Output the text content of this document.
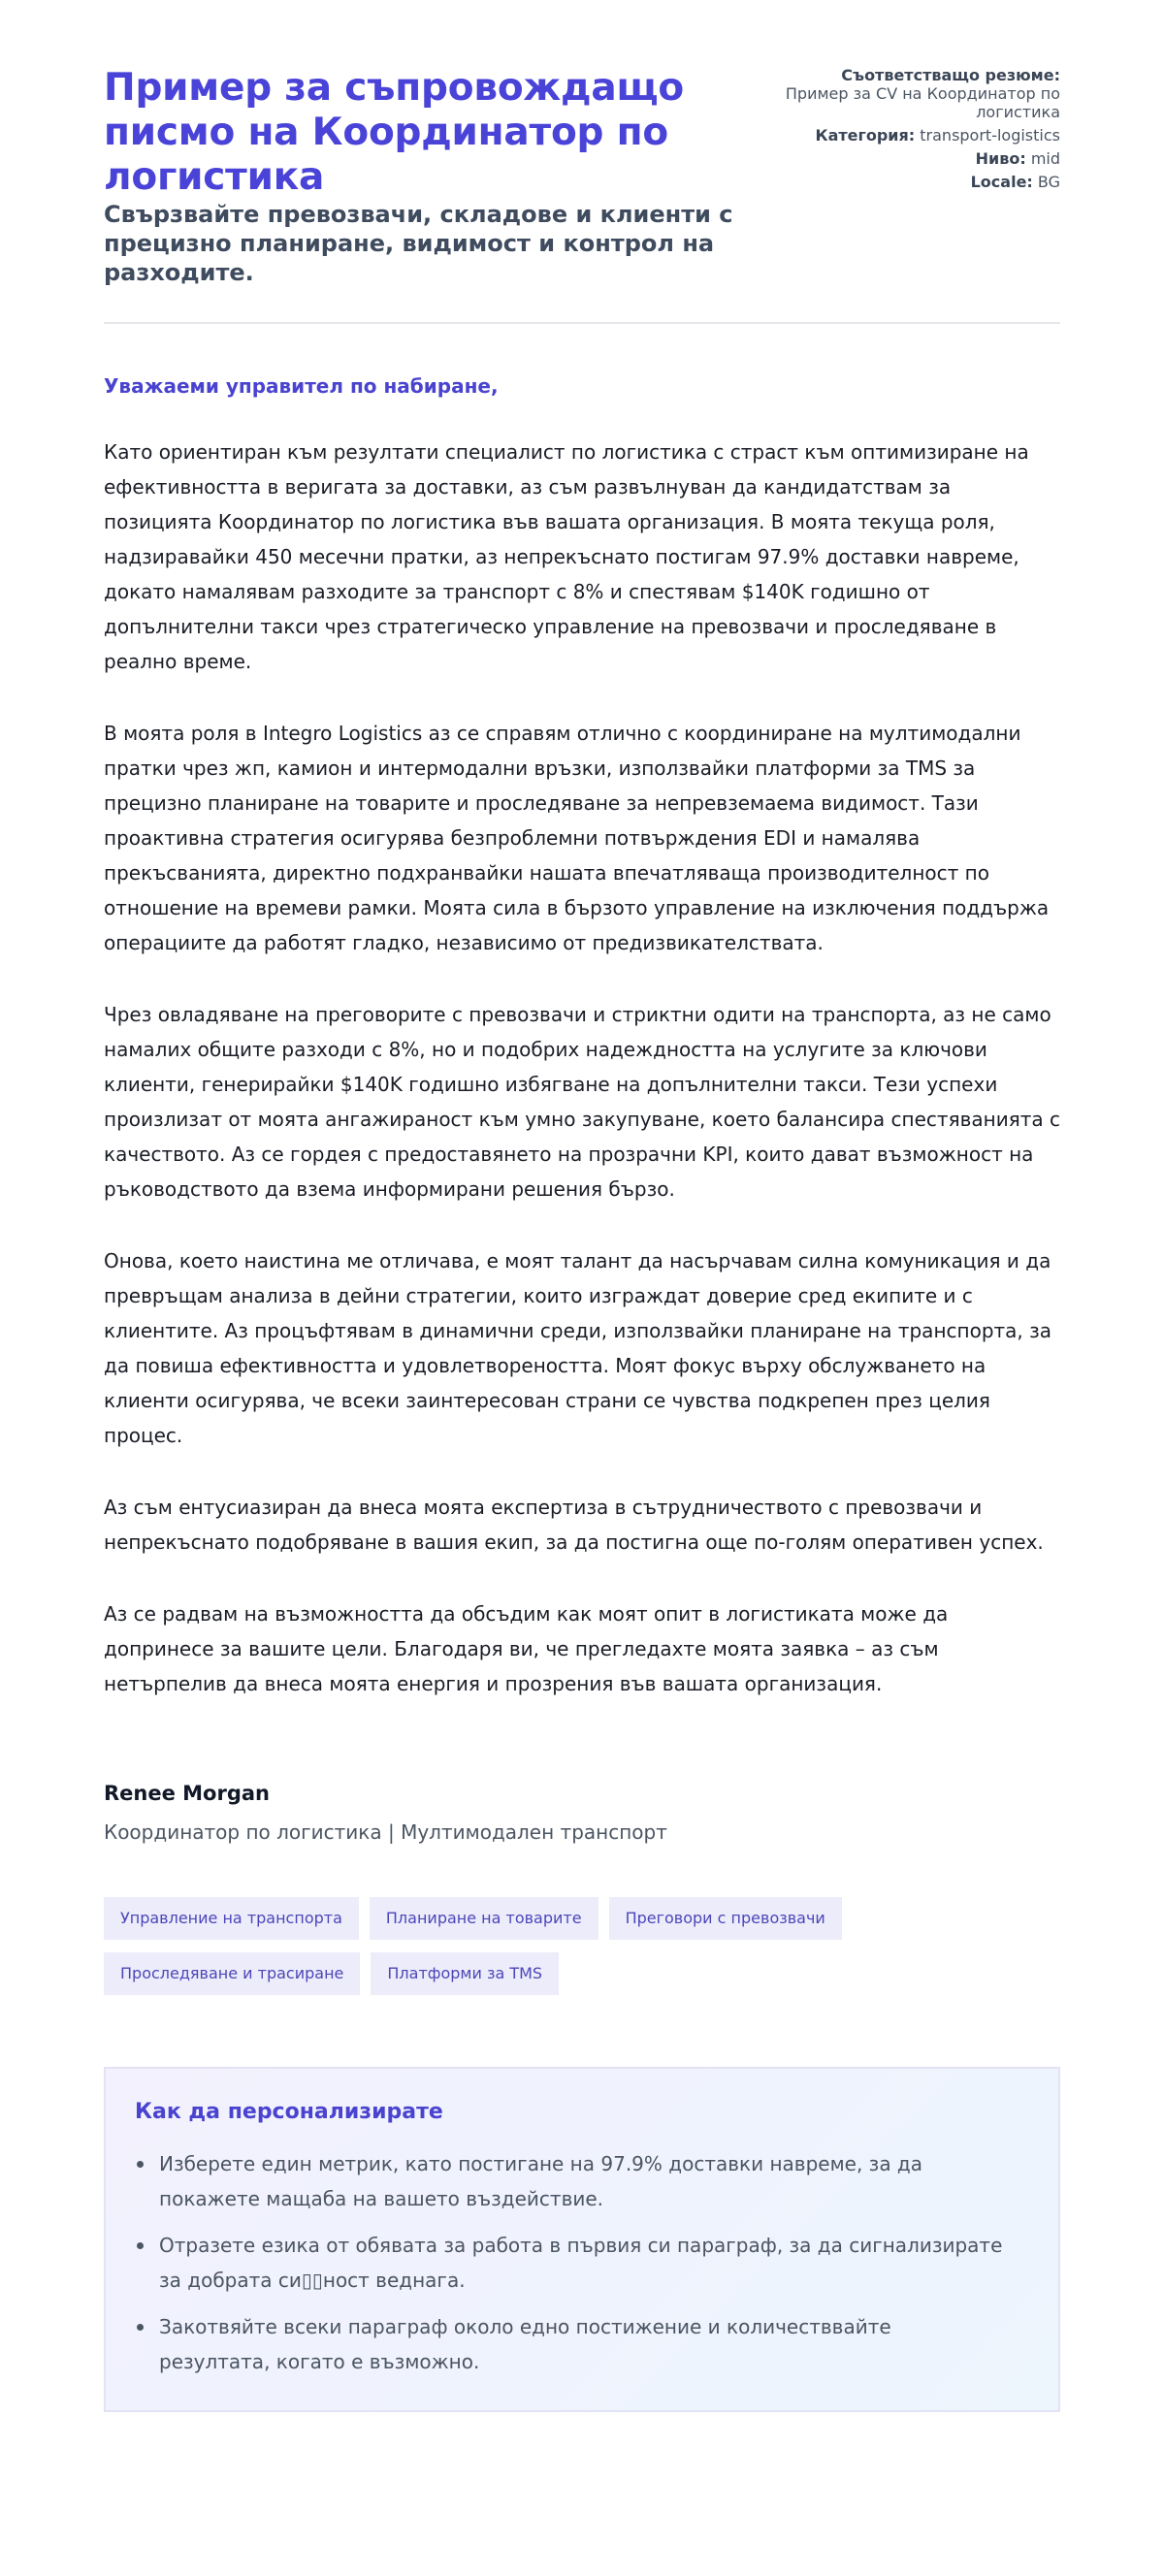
Пример за съпровождащо писмо на Координатор по логистика
Свързвайте превозвачи, складове и клиенти с прецизно планиране, видимост и контрол на разходите.
Съответстващо резюме:
Пример за CV на Координатор по логистика
Категория: transport-logistics
Ниво: mid
Locale: BG

Уважаеми управител по набиране,

Като ориентиран към резултати специалист по логистика с страст към оптимизиране на ефективността в веригата за доставки, аз съм развълнуван да кандидатствам за позицията Координатор по логистика във вашата организация. В моята текуща роля, надзиравайки 450 месечни пратки, аз непрекъснато постигам 97.9% доставки навреме, докато намалявам разходите за транспорт с 8% и спестявам $140K годишно от допълнителни такси чрез стратегическо управление на превозвачи и проследяване в реално време.

В моята роля в Integro Logistics аз се справям отлично с координиране на мултимодални пратки чрез жп, камион и интермодални връзки, използвайки платформи за TMS за прецизно планиране на товарите и проследяване за непревземаема видимост. Тази проактивна стратегия осигурява безпроблемни потвърждения EDI и намалява прекъсванията, директно подхранвайки нашата впечатляваща производителност по отношение на времеви рамки. Моята сила в бързото управление на изключения поддържа операциите да работят гладко, независимо от предизвикателствата.

Чрез овладяване на преговорите с превозвачи и стриктни одити на транспорта, аз не само намалих общите разходи с 8%, но и подобрих надеждността на услугите за ключови клиенти, генерирайки $140K годишно избягване на допълнителни такси. Тези успехи произлизат от моята ангажираност към умно закупуване, което балансира спестяванията с качеството. Аз се гордея с предоставянето на прозрачни KPI, които дават възможност на ръководството да взема информирани решения бързо.

Онова, което наистина ме отличава, е моят талант да насърчавам силна комуникация и да превръщам анализа в дейни стратегии, които изграждат доверие сред екипите и с клиентите. Аз процъфтявам в динамични среди, използвайки планиране на транспорта, за да повиша ефективността и удовлетвореността. Моят фокус върху обслужването на клиенти осигурява, че всеки заинтересован страни се чувства подкрепен през целия процес.

Аз съм ентусиазиран да внеса моята експертиза в сътрудничеството с превозвачи и непрекъснато подобряване в вашия екип, за да постигна още по-голям оперативен успех.

Аз се радвам на възможността да обсъдим как моят опит в логистиката може да допринесе за вашите цели. Благодаря ви, че прегледахте моята заявка – аз съм нетърпелив да внеса моята енергия и прозрения във вашата организация.

Renee Morgan
Координатор по логистика | Мултимодален транспорт
Управление на транспорта	Планиране на товарите	Преговори с превозвачи
Проследяване и трасиране	Платформи за TMS
Как да персонализирате
Изберете един метрик, като постигане на 97.9% доставки навреме, за да покажете мащаба на вашето въздействие.
Отразете езика от обявата за работа в първия си параграф, за да сигнализирате за добрата си▯▯ност веднага.
Закотвяйте всеки параграф около едно постижение и количестввайте резултата, когато е възможно.
